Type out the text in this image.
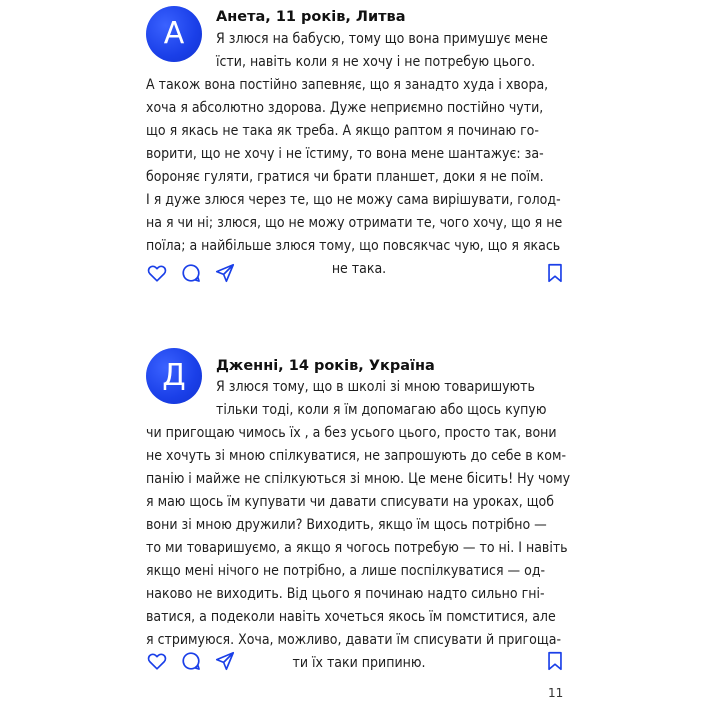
А	Анета, 11 років, Литва
Я злюся на бабусю, тому що вона примушує мене
їсти, навіть коли я не хочу і не потребую цього.
А також вона постійно запевняє, що я занадто худа і хвора,
хоча я абсолютно здорова. Дуже неприємно постійно чути,
що я якась не така як треба. А якщо раптом я починаю го-
ворити, що не хочу і не їстиму, то вона мене шантажує: за-
бороняє гуляти, гратися чи брати планшет, доки я не поїм.
І я дуже злюся через те, що не можу сама вирішувати, голод-
на я чи ні; злюся, що не можу отримати те, чого хочу, що я не
поїла; а найбільше злюся тому, що повсякчас чую, що я якась
не така.
Д	Дженні, 14 років, Україна
Я злюся тому, що в школі зі мною товаришують
тільки тоді, коли я їм допомагаю або щось купую
чи пригощаю чимось їх , а без усього цього, просто так, вони
не хочуть зі мною спілкуватися, не запрошують до себе в ком-
панію і майже не спілкуються зі мною. Це мене бісить! Ну чому
я маю щось їм купувати чи давати списувати на уроках, щоб
вони зі мною дружили? Виходить, якщо їм щось потрібно —
то ми товаришуємо, а якщо я чогось потребую — то ні. І навіть
якщо мені нічого не потрібно, а лише поспілкуватися — од-
наково не виходить. Від цього я починаю надто сильно гні-
ватися, а подеколи навіть хочеться якось їм помститися, але
я стримуюся. Хоча, можливо, давати їм списувати й пригоща-
ти їх таки припиню.
11
